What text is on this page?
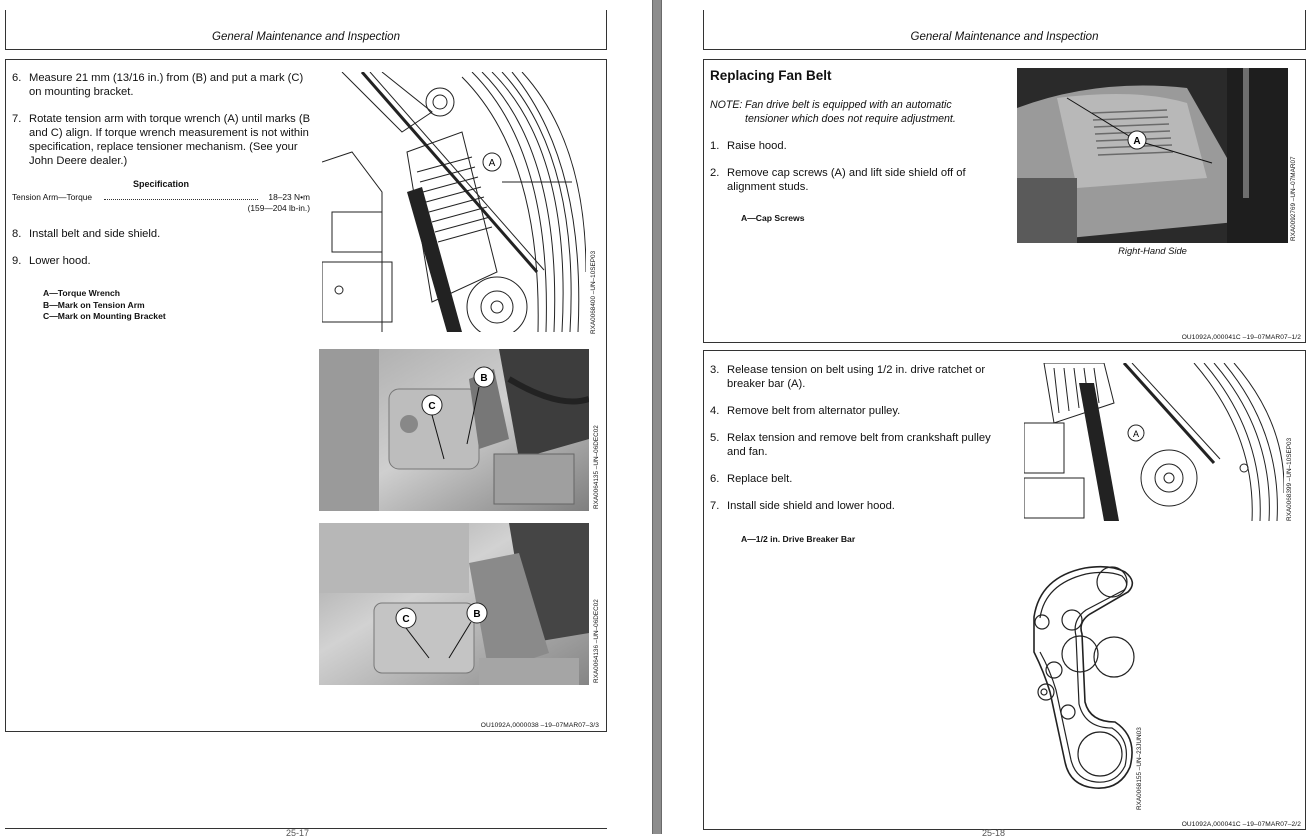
General Maintenance and Inspection
6. Measure 21 mm (13/16 in.) from (B) and put a mark (C) on mounting bracket.
7. Rotate tension arm with torque wrench (A) until marks (B and C) align. If torque wrench measurement is not within specification, replace tensioner mechanism. (See your John Deere dealer.)
Specification
Tension Arm—Torque	18–23 N•m
(159—204 lb-in.)
8. Install belt and side shield.
9. Lower hood.
A—Torque Wrench
B—Mark on Tension Arm
C—Mark on Mounting Bracket
OU1092A,0000038 –19–07MAR07–3/3
A
RXA0068400 –UN–10SEP03
B
C
RXA0064135 –UN–06DEC02
B
C	RXA0064136 –UN–06DEC02
25-17
General Maintenance and Inspection
Replacing Fan Belt
NOTE: Fan drive belt is equipped with an automatic tensioner which does not require adjustment.
1. Raise hood.
2. Remove cap screws (A) and lift side shield off of alignment studs.
A—Cap Screws
OU1092A,000041C –19–07MAR07–1/2
A
RXA0092769 –UN–07MAR07
Right-Hand Side
3. Release tension on belt using 1/2 in. drive ratchet or breaker bar (A).
4. Remove belt from alternator pulley.
5. Relax tension and remove belt from crankshaft pulley and fan.
6. Replace belt.
7. Install side shield and lower hood.
A—1/2 in. Drive Breaker Bar
OU1092A,000041C –19–07MAR07–2/2
A
RXA0068399 –UN–10SEP03
RXA0068155 –UN–23JUN03
25-18
